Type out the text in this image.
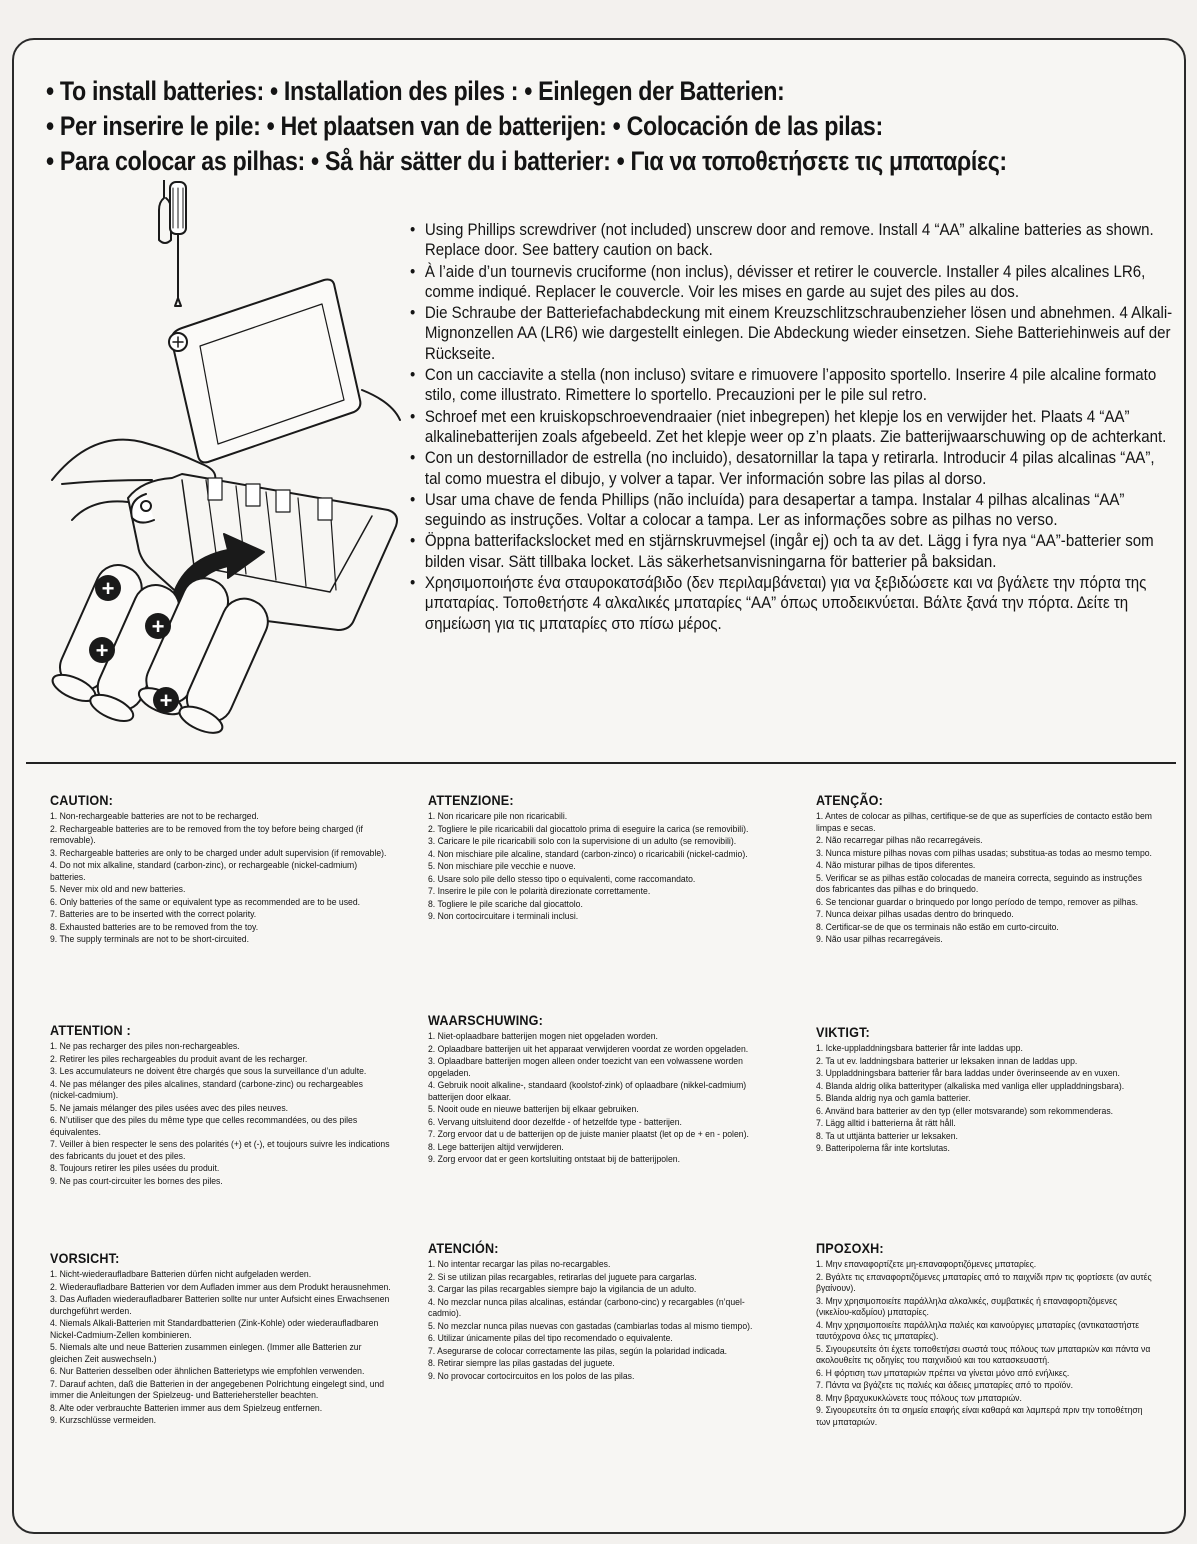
• To install batteries: • Installation des piles : • Einlegen der Batterien:
• Per inserire le pile: • Het plaatsen van de batterijen: • Colocación de las pilas:
• Para colocar as pilhas: • Så här sätter du i batterier: • Για να τοποθετήσετε τις μπαταρίες:
+
+
+
+
• Using Phillips screwdriver (not included) unscrew door and remove. Install 4 “AA” alkaline batteries as shown. Replace door. See battery caution on back.
• À l’aide d’un tournevis cruciforme (non inclus), dévisser et retirer le couvercle. Installer 4 piles alcalines LR6, comme indiqué. Replacer le couvercle. Voir les mises en garde au sujet des piles au dos.
• Die Schraube der Batteriefachabdeckung mit einem Kreuzschlitzschraubenzieher lösen und abnehmen. 4 Alkali-Mignonzellen AA (LR6) wie dargestellt einlegen. Die Abdeckung wieder einsetzen. Siehe Batteriehinweis auf der Rückseite.
• Con un cacciavite a stella (non incluso) svitare e rimuovere l’apposito sportello. Inserire 4 pile alcaline formato stilo, come illustrato. Rimettere lo sportello. Precauzioni per le pile sul retro.
• Schroef met een kruiskopschroevendraaier (niet inbegrepen) het klepje los en verwijder het. Plaats 4 “AA” alkalinebatterijen zoals afgebeeld. Zet het klepje weer op z’n plaats. Zie batterijwaarschuwing op de achterkant.
• Con un destornillador de estrella (no incluido), desatornillar la tapa y retirarla. Introducir 4 pilas alcalinas “AA”, tal como muestra el dibujo, y volver a tapar. Ver información sobre las pilas al dorso.
• Usar uma chave de fenda Phillips (não incluída) para desapertar a tampa. Instalar 4 pilhas alcalinas “AA” seguindo as instruções. Voltar a colocar a tampa. Ler as informações sobre as pilhas no verso.
• Öppna batterifackslocket med en stjärnskruvmejsel (ingår ej) och ta av det. Lägg i fyra nya “AA”-batterier som bilden visar. Sätt tillbaka locket. Läs säkerhetsanvisningarna för batterier på baksidan.
• Χρησιμοποιήστε ένα σταυροκατσάβιδο (δεν περιλαμβάνεται) για να ξεβιδώσετε και να βγάλετε την πόρτα της μπαταρίας. Τοποθετήστε 4 αλκαλικές μπαταρίες “AA” όπως υποδεικνύεται. Βάλτε ξανά την πόρτα. Δείτε τη σημείωση για τις μπαταρίες στο πίσω μέρος.
CAUTION:
1. Non-rechargeable batteries are not to be recharged.
2. Rechargeable batteries are to be removed from the toy before being charged (if removable).
3. Rechargeable batteries are only to be charged under adult supervision (if removable).
4. Do not mix alkaline, standard (carbon-zinc), or rechargeable (nickel-cadmium) batteries.
5. Never mix old and new batteries.
6. Only batteries of the same or equivalent type as recommended are to be used.
7. Batteries are to be inserted with the correct polarity.
8. Exhausted batteries are to be removed from the toy.
9. The supply terminals are not to be short-circuited.
ATTENTION :
1. Ne pas recharger des piles non-rechargeables.
2. Retirer les piles rechargeables du produit avant de les recharger.
3. Les accumulateurs ne doivent être chargés que sous la surveillance d’un adulte.
4. Ne pas mélanger des piles alcalines, standard (carbone-zinc) ou rechargeables (nickel-cadmium).
5. Ne jamais mélanger des piles usées avec des piles neuves.
6. N’utiliser que des piles du même type que celles recommandées, ou des piles équivalentes.
7. Veiller à bien respecter le sens des polarités (+) et (-), et toujours suivre les indications des fabricants du jouet et des piles.
8. Toujours retirer les piles usées du produit.
9. Ne pas court-circuiter les bornes des piles.
VORSICHT:
1. Nicht-wiederaufladbare Batterien dürfen nicht aufgeladen werden.
2. Wiederaufladbare Batterien vor dem Aufladen immer aus dem Produkt herausnehmen.
3. Das Aufladen wiederaufladbarer Batterien sollte nur unter Aufsicht eines Erwachsenen durchgeführt werden.
4. Niemals Alkali-Batterien mit Standardbatterien (Zink-Kohle) oder wiederaufladbaren Nickel-Cadmium-Zellen kombinieren.
5. Niemals alte und neue Batterien zusammen einlegen. (Immer alle Batterien zur gleichen Zeit auswechseln.)
6. Nur Batterien desselben oder ähnlichen Batterietyps wie empfohlen verwenden.
7. Darauf achten, daß die Batterien in der angegebenen Polrichtung eingelegt sind, und immer die Anleitungen der Spielzeug- und Batteriehersteller beachten.
8. Alte oder verbrauchte Batterien immer aus dem Spielzeug entfernen.
9. Kurzschlüsse vermeiden.
ATTENZIONE:
1. Non ricaricare pile non ricaricabili.
2. Togliere le pile ricaricabili dal giocattolo prima di eseguire la carica (se removibili).
3. Caricare le pile ricaricabili solo con la supervisione di un adulto (se removibili).
4. Non mischiare pile alcaline, standard (carbon-zinco) o ricaricabili (nickel-cadmio).
5. Non mischiare pile vecchie e nuove.
6. Usare solo pile dello stesso tipo o equivalenti, come raccomandato.
7. Inserire le pile con le polarità direzionate correttamente.
8. Togliere le pile scariche dal giocattolo.
9. Non cortocircuitare i terminali inclusi.
WAARSCHUWING:
1. Niet-oplaadbare batterijen mogen niet opgeladen worden.
2. Oplaadbare batterijen uit het apparaat verwijderen voordat ze worden opgeladen.
3. Oplaadbare batterijen mogen alleen onder toezicht van een volwassene worden opgeladen.
4. Gebruik nooit alkaline-, standaard (koolstof-zink) of oplaadbare (nikkel-cadmium) batterijen door elkaar.
5. Nooit oude en nieuwe batterijen bij elkaar gebruiken.
6. Vervang uitsluitend door dezelfde - of hetzelfde type - batterijen.
7. Zorg ervoor dat u de batterijen op de juiste manier plaatst (let op de + en - polen).
8. Lege batterijen altijd verwijderen.
9. Zorg ervoor dat er geen kortsluiting ontstaat bij de batterijpolen.
ATENCIÓN:
1. No intentar recargar las pilas no-recargables.
2. Si se utilizan pilas recargables, retirarlas del juguete para cargarlas.
3. Cargar las pilas recargables siempre bajo la vigilancia de un adulto.
4. No mezclar nunca pilas alcalinas, estándar (carbono-cinc) y recargables (n’quel-cadmio).
5. No mezclar nunca pilas nuevas con gastadas (cambiarlas todas al mismo tiempo).
6. Utilizar únicamente pilas del tipo recomendado o equivalente.
7. Asegurarse de colocar correctamente las pilas, según la polaridad indicada.
8. Retirar siempre las pilas gastadas del juguete.
9. No provocar cortocircuitos en los polos de las pilas.
ATENÇÃO:
1. Antes de colocar as pilhas, certifique-se de que as superfícies de contacto estão bem limpas e secas.
2. Não recarregar pilhas não recarregáveis.
3. Nunca misture pilhas novas com pilhas usadas; substitua-as todas ao mesmo tempo.
4. Não misturar pilhas de tipos diferentes.
5. Verificar se as pilhas estão colocadas de maneira correcta, seguindo as instruções dos fabricantes das pilhas e do brinquedo.
6. Se tencionar guardar o brinquedo por longo período de tempo, remover as pilhas.
7. Nunca deixar pilhas usadas dentro do brinquedo.
8. Certificar-se de que os terminais não estão em curto-circuito.
9. Não usar pilhas recarregáveis.
VIKTIGT:
1. Icke-uppladdningsbara batterier får inte laddas upp.
2. Ta ut ev. laddningsbara batterier ur leksaken innan de laddas upp.
3. Uppladdningsbara batterier får bara laddas under överinseende av en vuxen.
4. Blanda aldrig olika batterityper (alkaliska med vanliga eller uppladdningsbara).
5. Blanda aldrig nya och gamla batterier.
6. Använd bara batterier av den typ (eller motsvarande) som rekommenderas.
7. Lägg alltid i batterierna åt rätt håll.
8. Ta ut uttjänta batterier ur leksaken.
9. Batteripolerna får inte kortslutas.
ΠΡΟΣΟΧΗ:
1. Μην επαναφορτίζετε μη-επαναφορτιζόμενες μπαταρίες.
2. Βγάλτε τις επαναφορτιζόμενες μπαταρίες από το παιχνίδι πριν τις φορτίσετε (αν αυτές βγαίνουν).
3. Μην χρησιμοποιείτε παράλληλα αλκαλικές, συμβατικές ή επαναφορτιζόμενες (νικελίου-καδμίου) μπαταρίες.
4. Μην χρησιμοποιείτε παράλληλα παλιές και καινούργιες μπαταρίες (αντικαταστήστε ταυτόχρονα όλες τις μπαταρίες).
5. Σιγουρευτείτε ότι έχετε τοποθετήσει σωστά τους πόλους των μπαταριών και πάντα να ακολουθείτε τις οδηγίες του παιχνιδιού και του κατασκευαστή.
6. Η φόρτιση των μπαταριών πρέπει να γίνεται μόνο από ενήλικες.
7. Πάντα να βγάζετε τις παλιές και άδειες μπαταρίες από το προϊόν.
8. Μην βραχυκυκλώνετε τους πόλους των μπαταριών.
9. Σιγουρευτείτε ότι τα σημεία επαφής είναι καθαρά και λαμπερά πριν την τοποθέτηση των μπαταριών.
